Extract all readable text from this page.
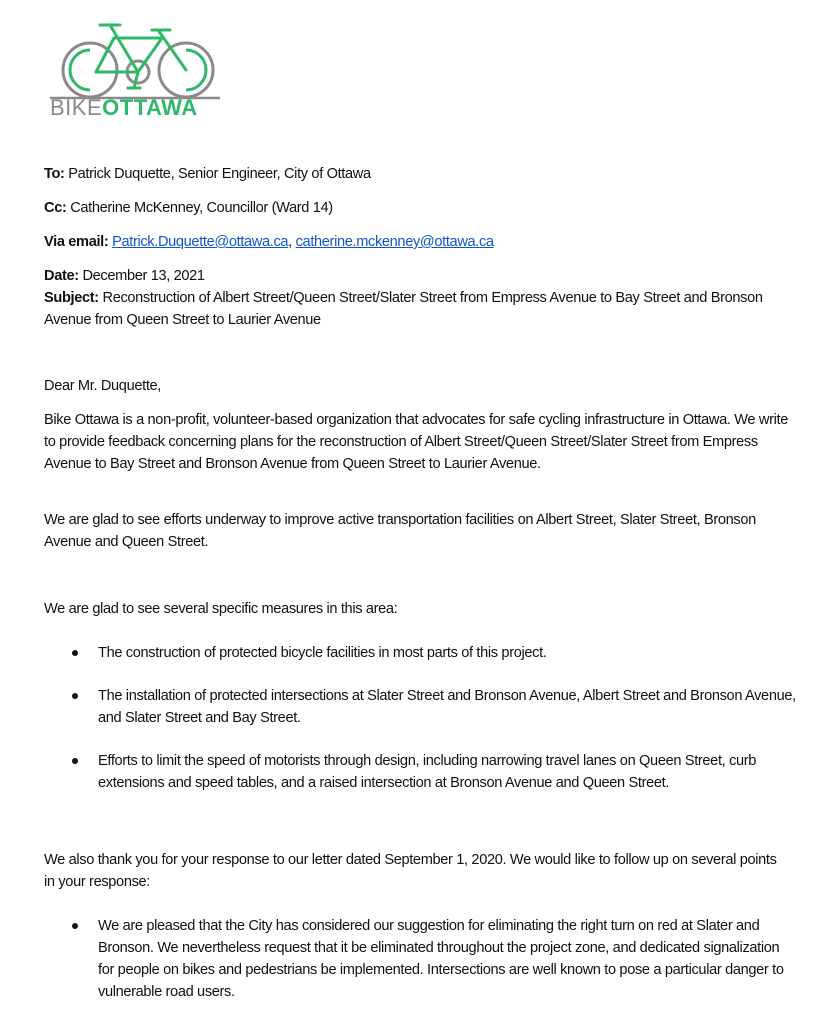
BIKEOTTAWA
To: Patrick Duquette, Senior Engineer, City of Ottawa
Cc: Catherine McKenney, Councillor (Ward 14)
Via email: Patrick.Duquette@ottawa.ca, catherine.mckenney@ottawa.ca
Date: December 13, 2021
Subject: Reconstruction of Albert Street/Queen Street/Slater Street from Empress Avenue to Bay Street and Bronson Avenue from Queen Street to Laurier Avenue
Dear Mr. Duquette,
Bike Ottawa is a non-profit, volunteer-based organization that advocates for safe cycling infrastructure in Ottawa. We write to provide feedback concerning plans for the reconstruction of Albert Street/Queen Street/Slater Street from Empress Avenue to Bay Street and Bronson Avenue from Queen Street to Laurier Avenue.
We are glad to see efforts underway to improve active transportation facilities on Albert Street, Slater Street, Bronson Avenue and Queen Street.
We are glad to see several specific measures in this area:
The construction of protected bicycle facilities in most parts of this project.
The installation of protected intersections at Slater Street and Bronson Avenue, Albert Street and Bronson Avenue, and Slater Street and Bay Street.
Efforts to limit the speed of motorists through design, including narrowing travel lanes on Queen Street, curb extensions and speed tables, and a raised intersection at Bronson Avenue and Queen Street.
We also thank you for your response to our letter dated September 1, 2020. We would like to follow up on several points in your response:
We are pleased that the City has considered our suggestion for eliminating the right turn on red at Slater and Bronson. We nevertheless request that it be eliminated throughout the project zone, and dedicated signalization for people on bikes and pedestrians be implemented. Intersections are well known to pose a particular danger to vulnerable road users.
